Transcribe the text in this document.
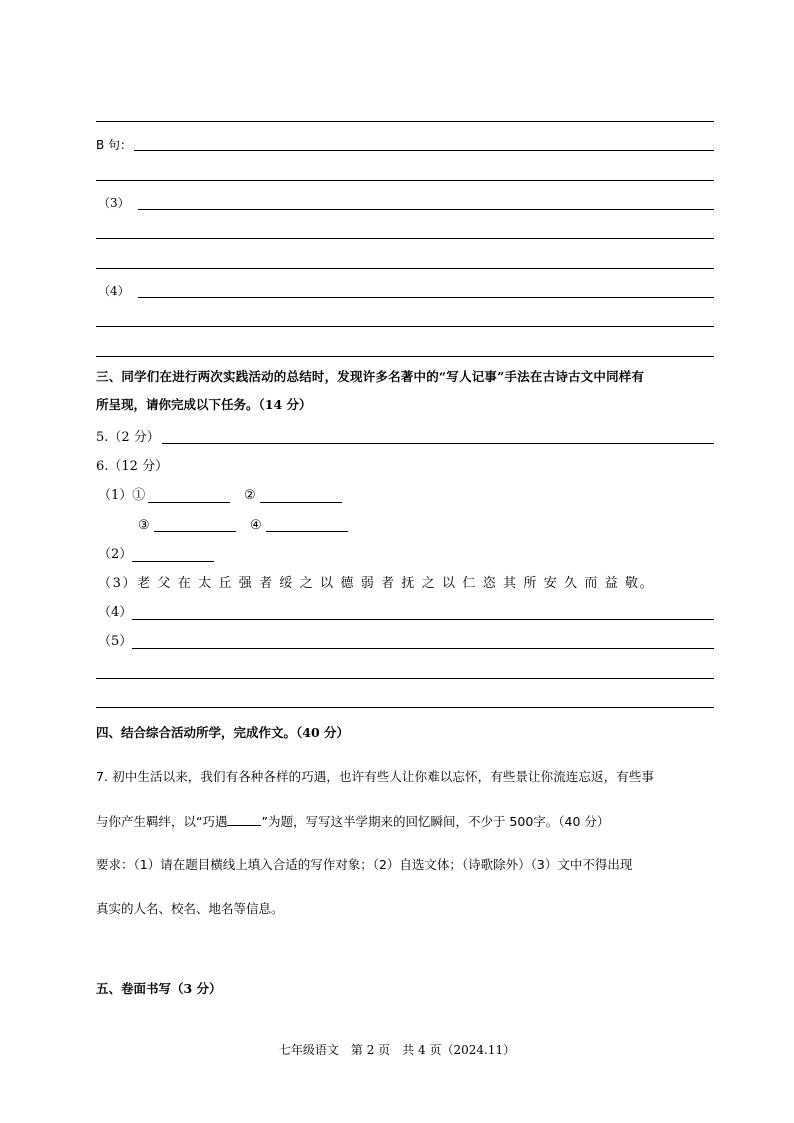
B 句：
（3）
（4）
三、同学们在进行两次实践活动的总结时，发现许多名著中的“写人记事”手法在古诗古文中同样有
所呈现，请你完成以下任务。（14 分）
5.（2 分）
6.（12 分）
（1）①	②
③	④
（2）
（3）老 父 在 太 丘 强 者 绥 之 以 德 弱 者 抚 之 以 仁 恣 其 所 安 久 而 益 敬。
（4）
（5）
四、结合综合活动所学，完成作文。（40 分）
7. 初中生活以来，我们有各种各样的巧遇，也许有些人让你难以忘怀，有些景让你流连忘返，有些事
与你产生羁绊，以“巧遇	”为题，写写这半学期来的回忆瞬间，不少于 500字。（40 分）
要求：（1）请在题目横线上填入合适的写作对象；（2）自选文体；（诗歌除外）（3）文中不得出现
真实的人名、校名、地名等信息。
五、卷面书写（3 分）
七年级语文　第 2 页　共 4 页（2024.11）
